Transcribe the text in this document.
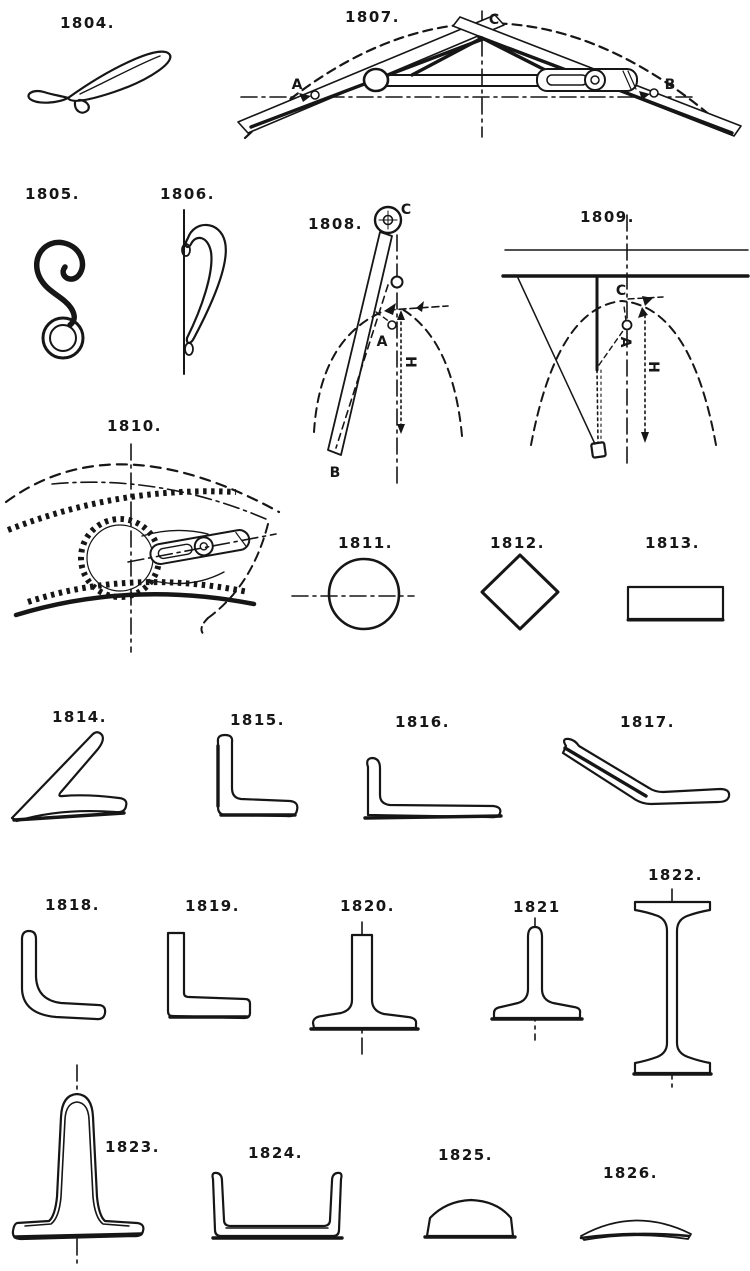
1804.	1807.
1805.	1806.
1808.	1809.
1810.
1811.	1812.	1813.
1814.	1815.	1816.	1817.
1818.	1819.	1820.	1821
1822.
1823.	1824.	1825.
1826.
A	B
C
C
A
B
H
C
A
H
